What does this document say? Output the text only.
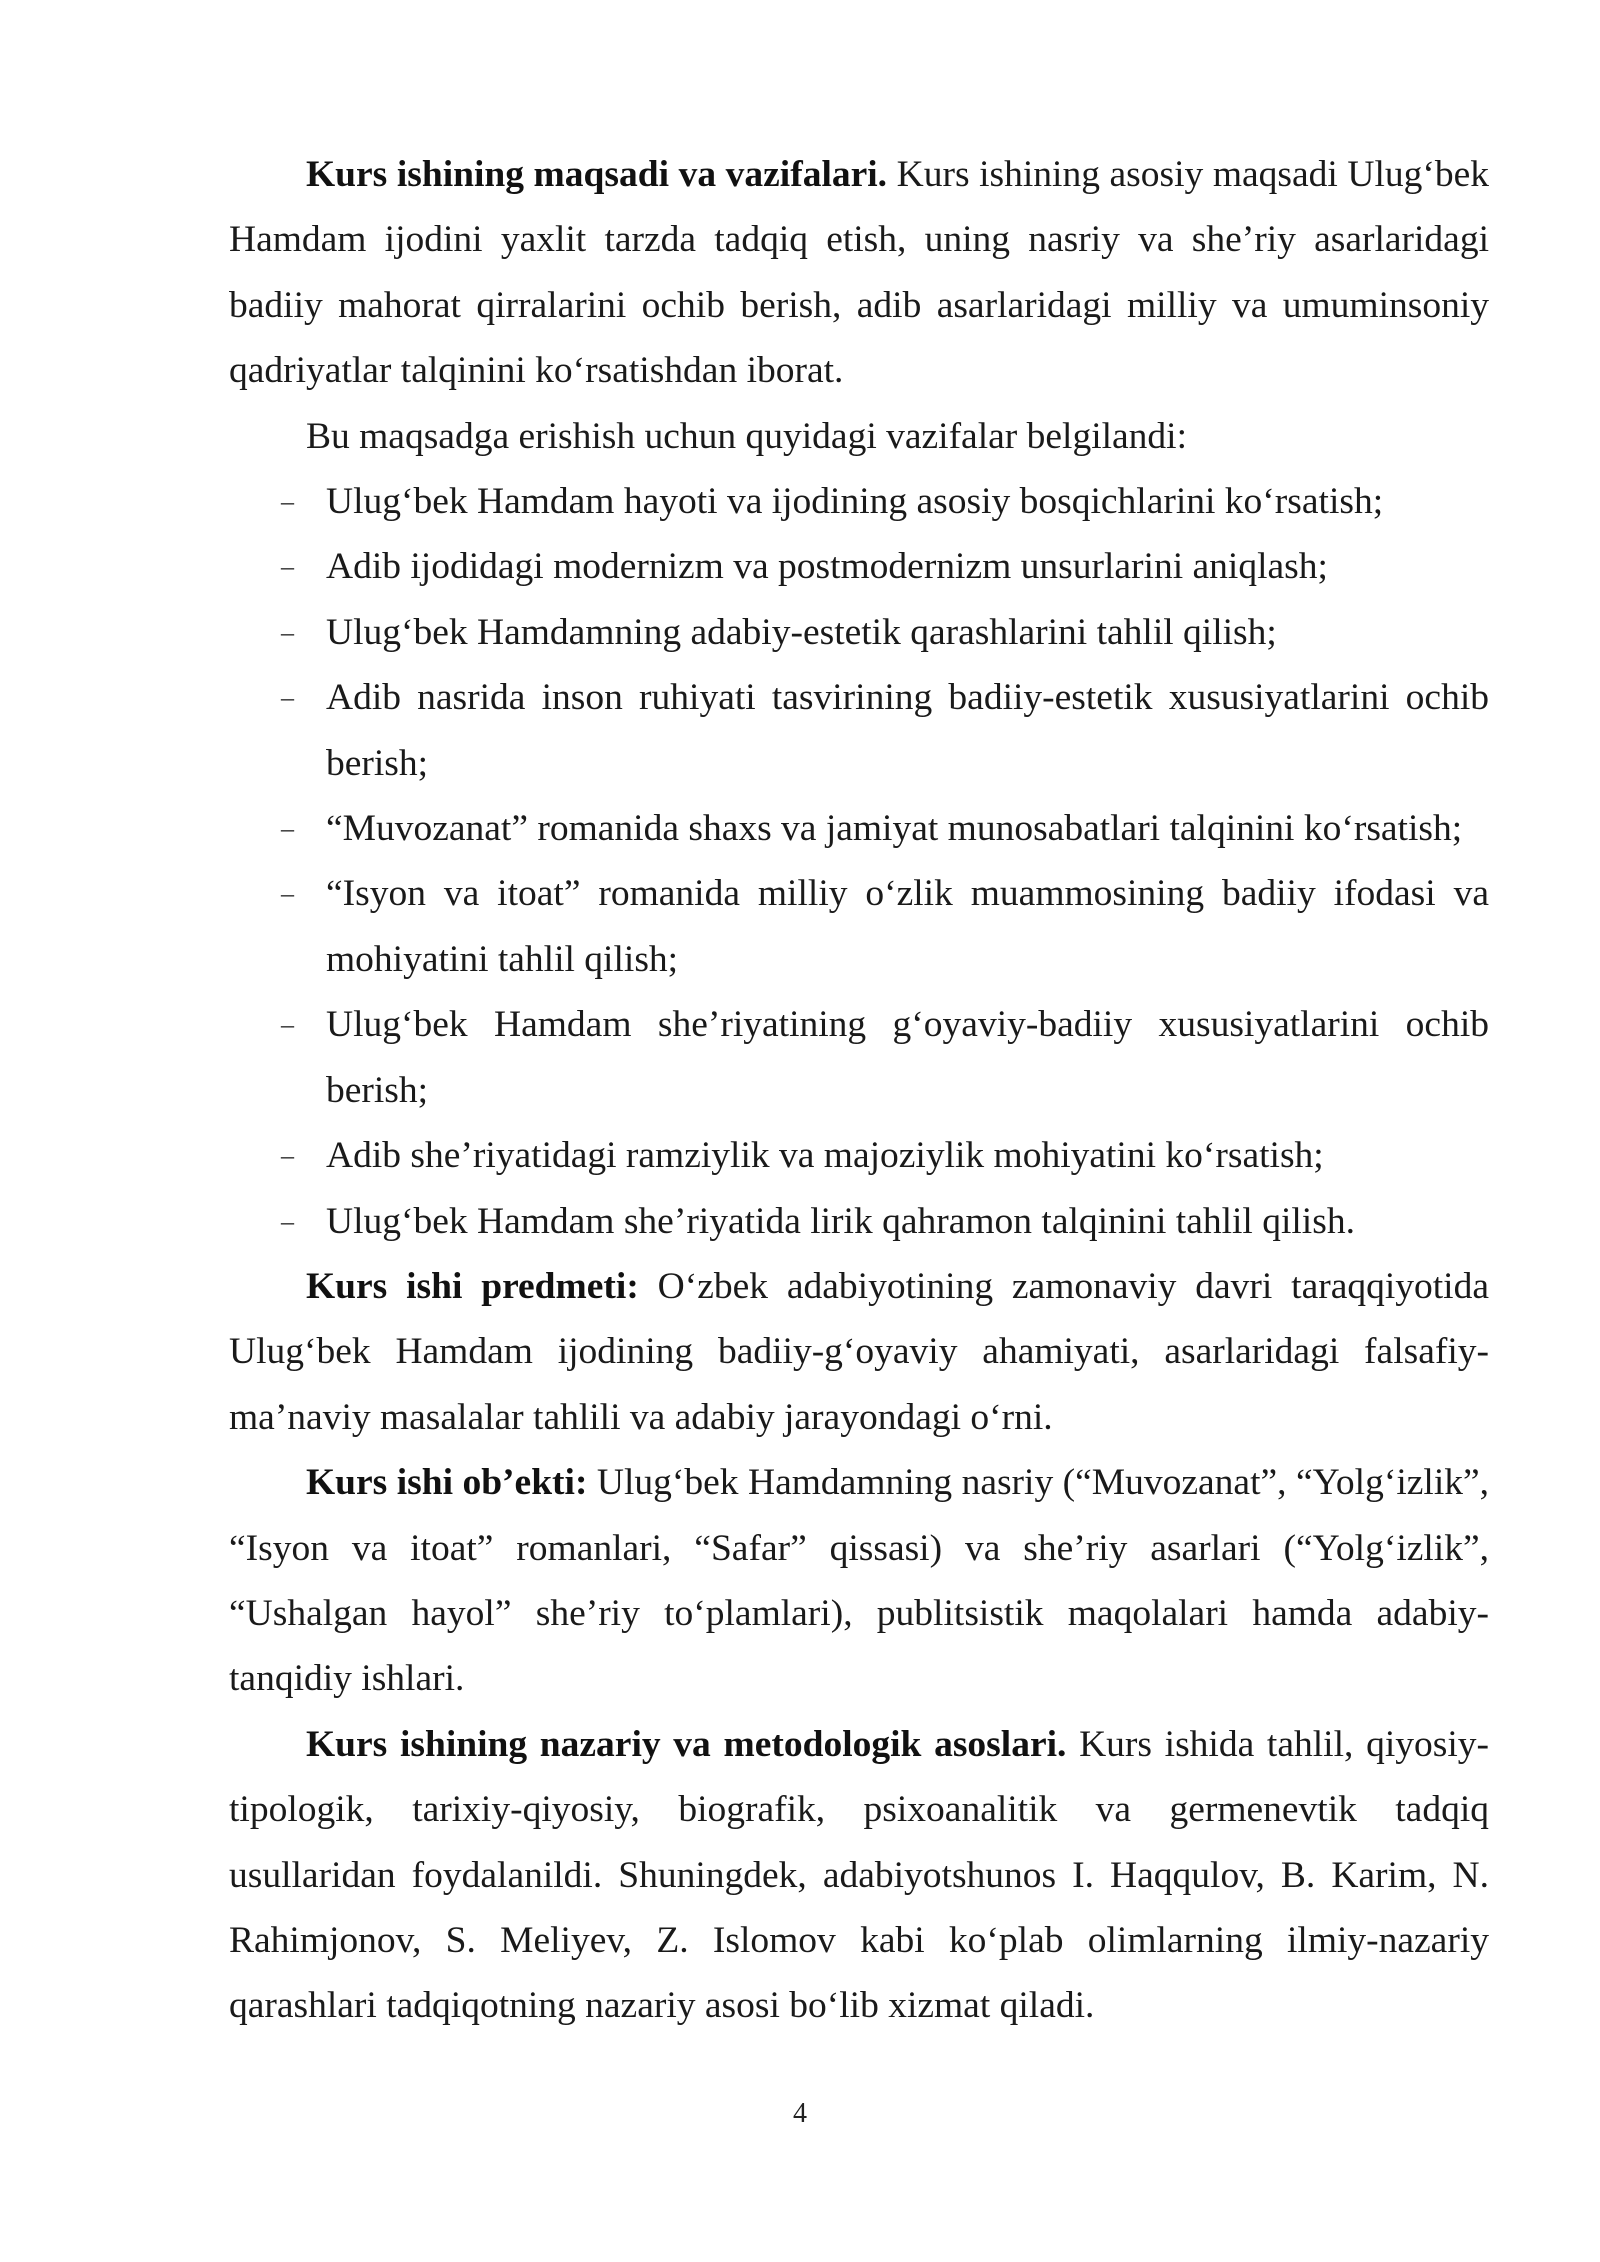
Kurs ishining maqsadi va vazifalari. Kurs ishining asosiy maqsadi Ulug‘bek Hamdam ijodini yaxlit tarzda tadqiq etish, uning nasriy va she’riy asarlaridagi badiiy mahorat qirralarini ochib berish, adib asarlaridagi milliy va umuminsoniy qadriyatlar talqinini ko‘rsatishdan iborat.

Bu maqsadga erishish uchun quyidagi vazifalar belgilandi:

– Ulug‘bek Hamdam hayoti va ijodining asosiy bosqichlarini ko‘rsatish;
– Adib ijodidagi modernizm va postmodernizm unsurlarini aniqlash;
– Ulug‘bek Hamdamning adabiy-estetik qarashlarini tahlil qilish;
– Adib nasrida inson ruhiyati tasvirining badiiy-estetik xususiyatlarini ochib berish;
– “Muvozanat” romanida shaxs va jamiyat munosabatlari talqinini ko‘rsatish;
– “Isyon va itoat” romanida milliy o‘zlik muammosining badiiy ifodasi va mohiyatini tahlil qilish;
– Ulug‘bek Hamdam she’riyatining g‘oyaviy-badiiy xususiyatlarini ochib berish;
– Adib she’riyatidagi ramziylik va majoziylik mohiyatini ko‘rsatish;
– Ulug‘bek Hamdam she’riyatida lirik qahramon talqinini tahlil qilish.

Kurs ishi predmeti: O‘zbek adabiyotining zamonaviy davri taraqqiyotida Ulug‘bek Hamdam ijodining badiiy-g‘oyaviy ahamiyati, asarlaridagi falsafiy-ma’naviy masalalar tahlili va adabiy jarayondagi o‘rni.

Kurs ishi ob’ekti: Ulug‘bek Hamdamning nasriy (“Muvozanat”, “Yolg‘izlik”, “Isyon va itoat” romanlari, “Safar” qissasi) va she’riy asarlari (“Yolg‘izlik”, “Ushalgan hayol” she’riy to‘plamlari), publitsistik maqolalari hamda adabiy-tanqidiy ishlari.

Kurs ishining nazariy va metodologik asoslari. Kurs ishida tahlil, qiyosiy-tipologik, tarixiy-qiyosiy, biografik, psixoanalitik va germenevtik tadqiq usullaridan foydalanildi. Shuningdek, adabiyotshunos I. Haqqulov, B. Karim, N. Rahimjonov, S. Meliyev, Z. Islomov kabi ko‘plab olimlarning ilmiy-nazariy qarashlari tadqiqotning nazariy asosi bo‘lib xizmat qiladi.

4
